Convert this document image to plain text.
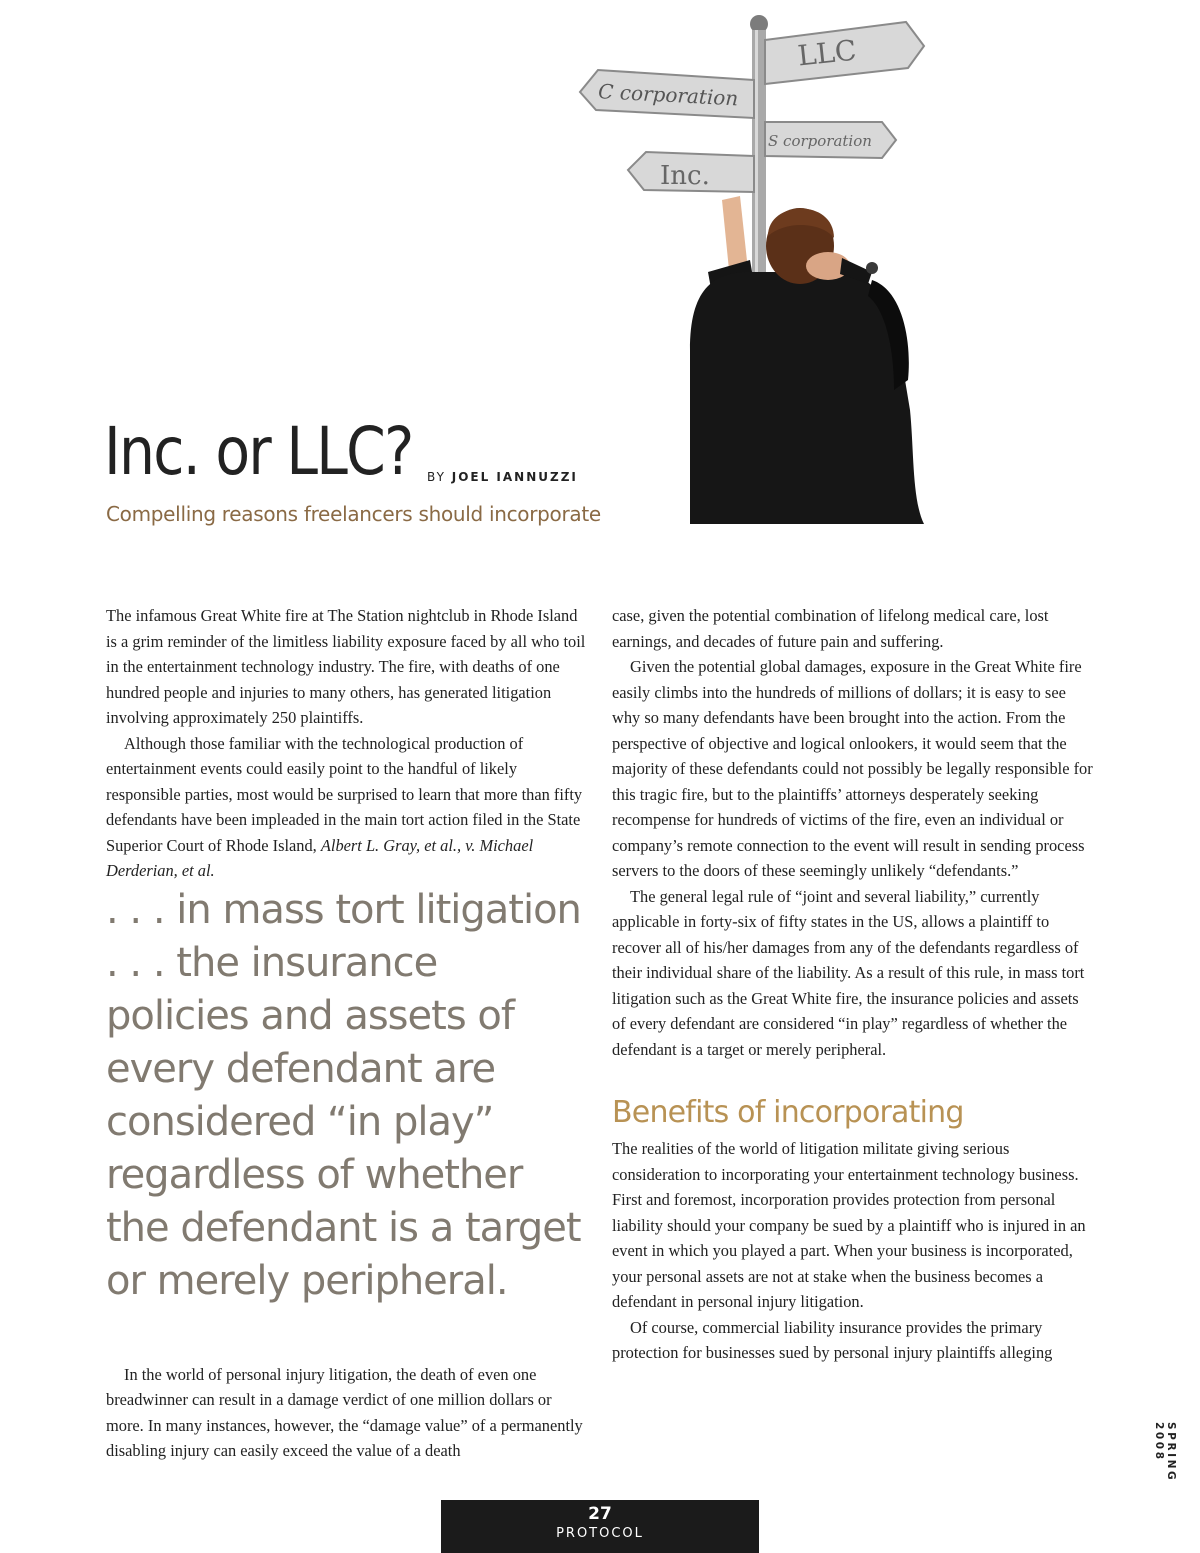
LLC
C corporation
S corporation
Inc.
Inc. or LLC?	BY JOEL IANNUZZI
Compelling reasons freelancers should incorporate

The infamous Great White fire at The Station nightclub in Rhode Island is a grim reminder of the limitless liability exposure faced by all who toil in the entertainment technology industry. The fire, with deaths of one hundred people and injuries to many others, has generated litigation involving approximately 250 plaintiffs.

Although those familiar with the technological production of entertainment events could easily point to the handful of likely responsible parties, most would be surprised to learn that more than fifty defendants have been impleaded in the main tort action filed in the State Superior Court of Rhode Island, Albert L. Gray, et al., v. Michael Derderian, et al.

. . . in mass tort litigation . . . the insurance policies and assets of every defendant are considered “in play” regardless of whether the defendant is a target or merely peripheral.

In the world of personal injury litigation, the death of even one breadwinner can result in a damage verdict of one million dollars or more. In many instances, however, the “damage value” of a permanently disabling injury can easily exceed the value of a death

case, given the potential combination of lifelong medical care, lost earnings, and decades of future pain and suffering.

Given the potential global damages, exposure in the Great White fire easily climbs into the hundreds of millions of dollars; it is easy to see why so many defendants have been brought into the action. From the perspective of objective and logical onlookers, it would seem that the majority of these defendants could not possibly be legally responsible for this tragic fire, but to the plaintiffs’ attorneys desperately seeking recompense for hundreds of victims of the fire, even an individual or company’s remote connection to the event will result in sending process servers to the doors of these seemingly unlikely “defendants.”

The general legal rule of “joint and several liability,” currently applicable in forty-six of fifty states in the US, allows a plaintiff to recover all of his/her damages from any of the defendants regardless of their individual share of the liability. As a result of this rule, in mass tort litigation such as the Great White fire, the insurance policies and assets of every defendant are considered “in play” regardless of whether the defendant is a target or merely peripheral.

Benefits of incorporating

The realities of the world of litigation militate giving serious consideration to incorporating your entertainment technology business. First and foremost, incorporation provides protection from personal liability should your company be sued by a plaintiff who is injured in an event in which you played a part. When your business is incorporated, your personal assets are not at stake when the business becomes a defendant in personal injury litigation.

Of course, commercial liability insurance provides the primary protection for businesses sued by personal injury plaintiffs alleging

SPRING 2008
27
PROTOCOL
